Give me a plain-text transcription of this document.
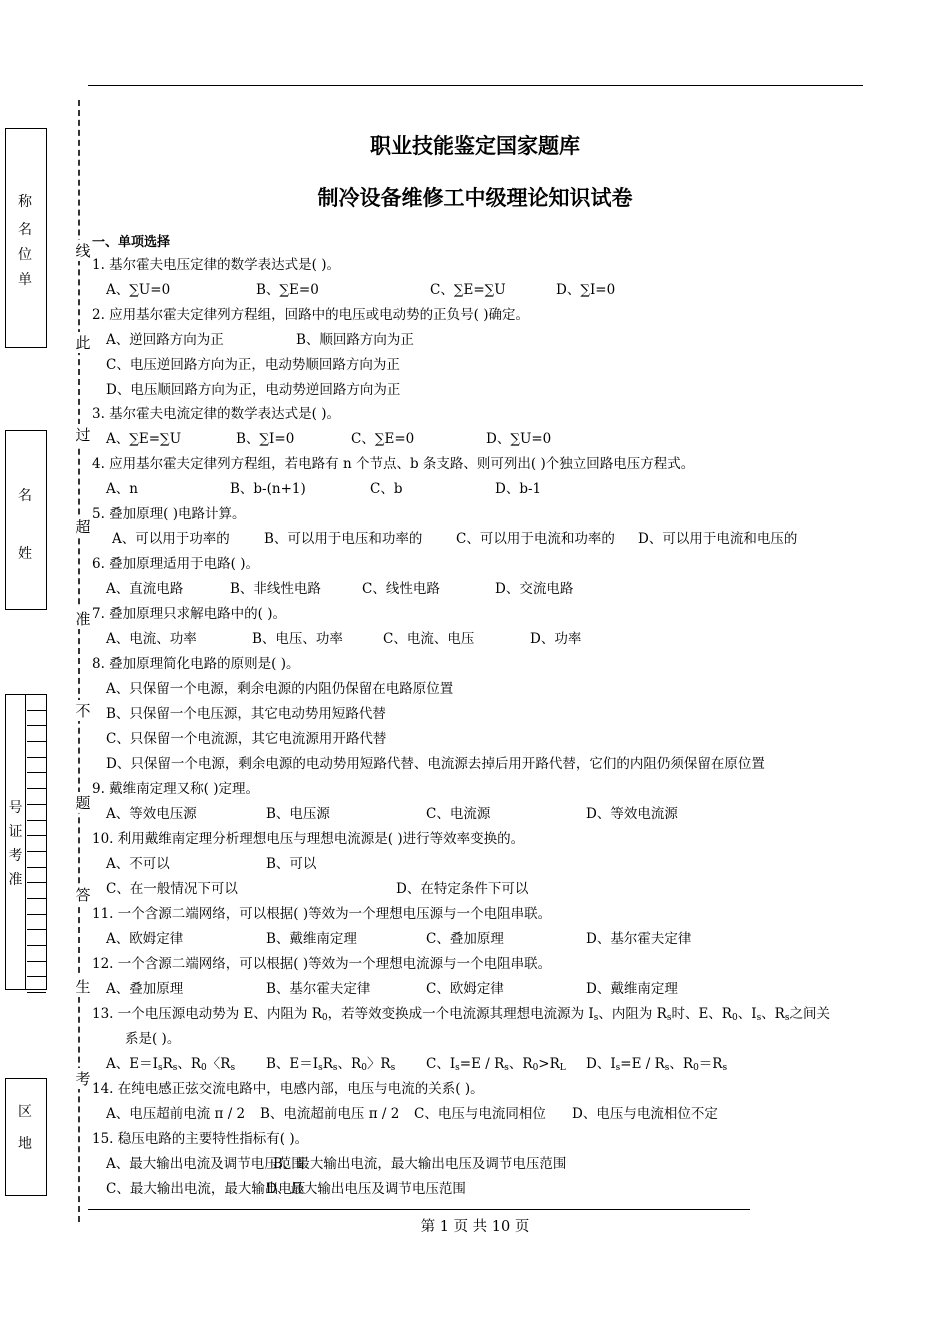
称
名
位
单
名
姓
号
证
考
准
区
地
线
此
过
超
准
不
题
答
生
考
职业技能鉴定国家题库
制冷设备维修工中级理论知识试卷
一、单项选择
1. 基尔霍夫电压定律的数学表达式是( )。
A、∑U=0	B、∑E=0	C、∑E=∑U	D、∑I=0
2. 应用基尔霍夫定律列方程组，回路中的电压或电动势的正负号( )确定。
A、逆回路方向为正	B、顺回路方向为正
C、电压逆回路方向为正，电动势顺回路方向为正
D、电压顺回路方向为正，电动势逆回路方向为正
3. 基尔霍夫电流定律的数学表达式是( )。
A、∑E=∑U	B、∑I=0	C、∑E=0	D、∑U=0
4. 应用基尔霍夫定律列方程组，若电路有 n 个节点、b 条支路、则可列出( )个独立回路电压方程式。
A、n	B、b-(n+1)	C、b	D、b-1
5. 叠加原理( )电路计算。
A、可以用于功率的	B、可以用于电压和功率的 C、可以用于电流和功率的 D、可以用于电流和电压的
6. 叠加原理适用于电路( )。
A、直流电路	B、非线性电路	C、线性电路	D、交流电路
7. 叠加原理只求解电路中的( )。
A、电流、功率	B、电压、功率	C、电流、电压	D、功率
8. 叠加原理简化电路的原则是( )。
A、只保留一个电源，剩余电源的内阻仍保留在电路原位置
B、只保留一个电压源，其它电动势用短路代替
C、只保留一个电流源，其它电流源用开路代替
D、只保留一个电源，剩余电源的电动势用短路代替、电流源去掉后用开路代替，它们的内阻仍须保留在原位置
9. 戴维南定理又称( )定理。
A、等效电压源	B、电压源	C、电流源	D、等效电流源
10. 利用戴维南定理分析理想电压与理想电流源是( )进行等效率变换的。
A、不可以	B、可以
C、在一般情况下可以	D、在特定条件下可以
11. 一个含源二端网络，可以根据( )等效为一个理想电压源与一个电阻串联。
A、欧姆定律	B、戴维南定理	C、叠加原理	D、基尔霍夫定律
12. 一个含源二端网络，可以根据( )等效为一个理想电流源与一个电阻串联。
A、叠加原理	B、基尔霍夫定律	C、欧姆定律	D、戴维南定理
13. 一个电压源电动势为 E、内阻为 $R_0$，若等效变换成一个电流源其理想电流源为 $I_s$、内阻为 $R_s$时、E、$R_0$、$I_s$、$R_s$之间关
系是( )。
A、$E=I_sR_s$、$R_0$〈$R_s$ B、$E=I_sR_s$、$R_0$〉$R_s$ C、$I_s=E / R_s$、$R_0>R_L$ D、$I_s=E / R_s$、$R_0=R_s$
14. 在纯电感正弦交流电路中，电感内部，电压与电流的关系( )。
A、电压超前电流 π / 2 B、电流超前电压 π / 2 C、电压与电流同相位 D、电压与电流相位不定
15. 稳压电路的主要特性指标有( )。
A、最大输出电流及调节电压范围
B、最大输出电流，最大输出电压及调节电压范围
C、最大输出电流，最大输出电压
D、最大输出电压及调节电压范围
第 1 页 共 10 页
